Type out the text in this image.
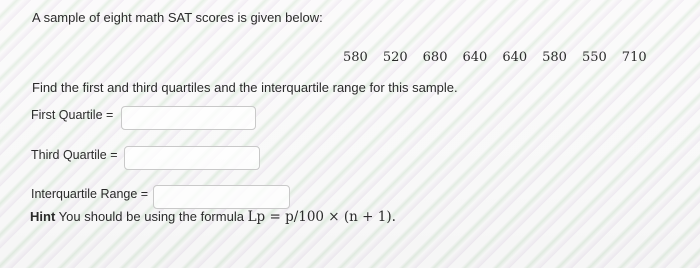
A sample of eight math SAT scores is given below:
580 520 680 640 640 580 550 710
Find the first and third quartiles and the interquartile range for this sample.
First Quartile =
Third Quartile =
Interquartile Range =
Hint You should be using the formula Lp = p/100 × (n + 1).
